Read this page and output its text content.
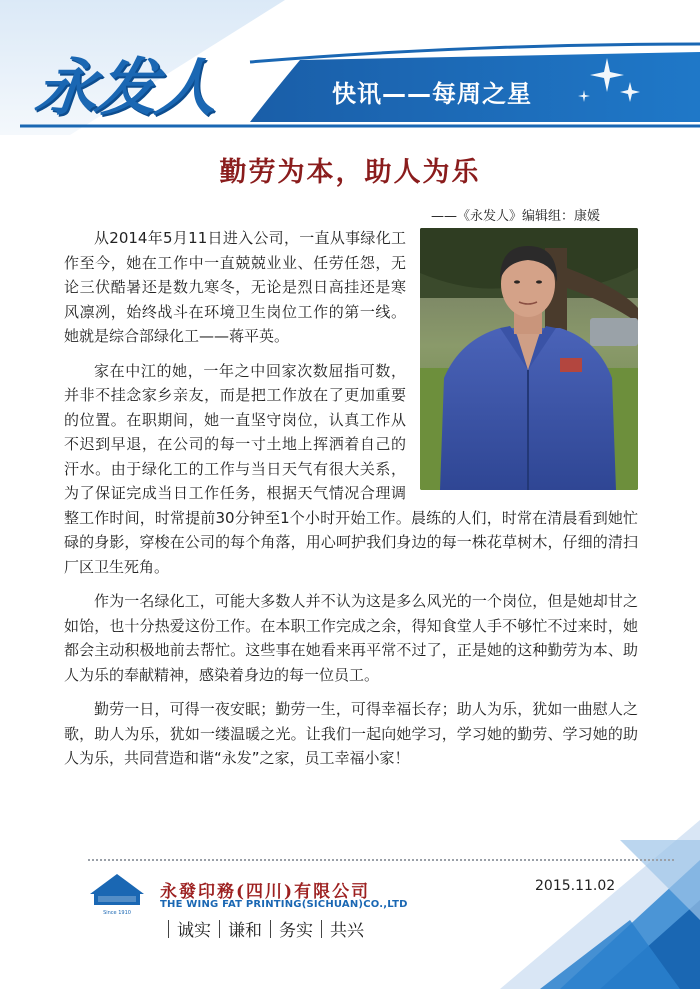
永发人	快讯——每周之星
勤劳为本，助人为乐
——《永发人》编辑组：康媛

从2014年5月11日进入公司，一直从事绿化工作至今，她在工作中一直兢兢业业、任劳任怨，无论三伏酷暑还是数九寒冬，无论是烈日高挂还是寒风凛冽，始终战斗在环境卫生岗位工作的第一线。她就是综合部绿化工——蒋平英。

家在中江的她，一年之中回家次数屈指可数，并非不挂念家乡亲友，而是把工作放在了更加重要的位置。在职期间，她一直坚守岗位，认真工作从不迟到早退，在公司的每一寸土地上挥洒着自己的汗水。由于绿化工的工作与当日天气有很大关系，为了保证完成当日工作任务，根据天气情况合理调整工作时间，时常提前30分钟至1个小时开始工作。晨练的人们，时常在清晨看到她忙碌的身影，穿梭在公司的每个角落，用心呵护我们身边的每一株花草树木，仔细的清扫厂区卫生死角。

作为一名绿化工，可能大多数人并不认为这是多么风光的一个岗位，但是她却甘之如饴，也十分热爱这份工作。在本职工作完成之余，得知食堂人手不够忙不过来时，她都会主动积极地前去帮忙。这些事在她看来再平常不过了，正是她的这种勤劳为本、助人为乐的奉献精神，感染着身边的每一位员工。

勤劳一日，可得一夜安眠；勤劳一生，可得幸福长存；助人为乐，犹如一曲慰人之歌，助人为乐，犹如一缕温暖之光。让我们一起向她学习，学习她的勤劳、学习她的助人为乐，共同营造和谐“永发”之家，员工幸福小家！

Since 1910
永發印務(四川)有限公司
THE WING FAT PRINTING(SICHUAN)CO.,LTD
2015.11.02
诚实 谦和 务实 共兴
